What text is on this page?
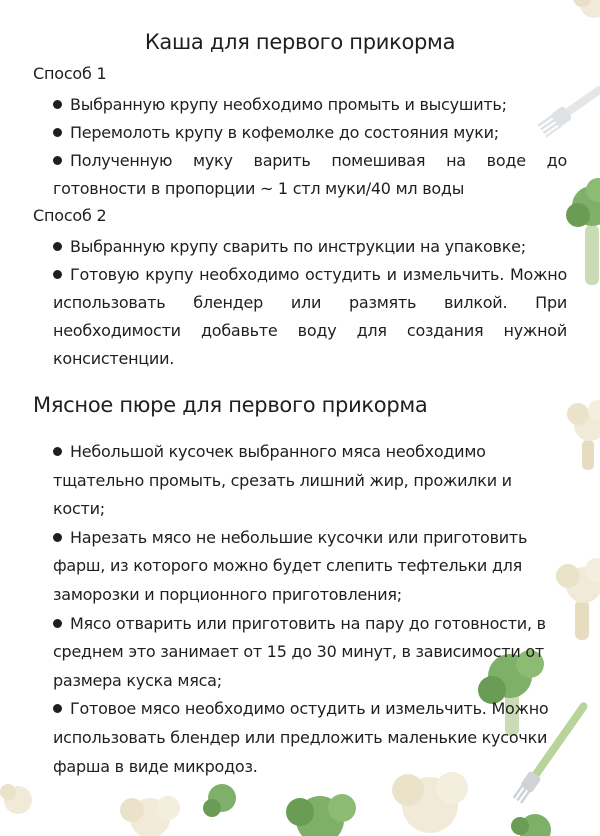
Каша для первого прикорма
Способ 1
Выбранную крупу необходимо промыть и высушить;
Перемолоть крупу в кофемолке до состояния муки;
Полученную муку варить помешивая на воде до готовности в пропорции ~ 1 стл муки/40 мл воды
Способ 2
Выбранную крупу сварить по инструкции на упаковке;
Готовую крупу необходимо остудить и измельчить. Можно использовать блендер или размять вилкой. При необходимости добавьте воду для создания нужной консистенции.
Мясное пюре для первого прикорма
Небольшой кусочек выбранного мяса необходимо тщательно промыть, срезать лишний жир, прожилки и кости;
Нарезать мясо не небольшие кусочки или приготовить фарш, из которого можно будет слепить тефтельки для заморозки и порционного приготовления;
Мясо отварить или приготовить на пару до готовности, в среднем это занимает от 15 до 30 минут, в зависимости от размера куска мяса;
Готовое мясо необходимо остудить и измельчить. Можно использовать блендер или предложить маленькие кусочки фарша в виде микродоз.
